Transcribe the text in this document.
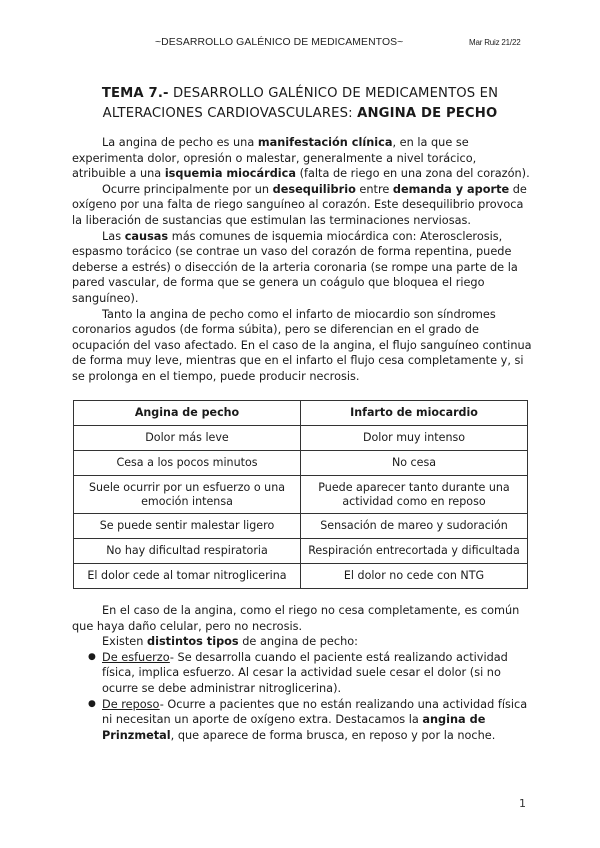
~DESARROLLO GALÉNICO DE MEDICAMENTOS~	Mar Ruiz 21/22
TEMA 7.- DESARROLLO GALÉNICO DE MEDICAMENTOS EN
ALTERACIONES CARDIOVASCULARES: ANGINA DE PECHO

La angina de pecho es una manifestación clínica, en la que se experimenta dolor, opresión o malestar, generalmente a nivel torácico, atribuible a una isquemia miocárdica (falta de riego en una zona del corazón).

Ocurre principalmente por un desequilibrio entre demanda y aporte de oxígeno por una falta de riego sanguíneo al corazón. Este desequilibrio provoca la liberación de sustancias que estimulan las terminaciones nerviosas.

Las causas más comunes de isquemia miocárdica con: Aterosclerosis, espasmo torácico (se contrae un vaso del corazón de forma repentina, puede deberse a estrés) o disección de la arteria coronaria (se rompe una parte de la pared vascular, de forma que se genera un coágulo que bloquea el riego sanguíneo).

Tanto la angina de pecho como el infarto de miocardio son síndromes coronarios agudos (de forma súbita), pero se diferencian en el grado de ocupación del vaso afectado. En el caso de la angina, el flujo sanguíneo continua de forma muy leve, mientras que en el infarto el flujo cesa completamente y, si se prolonga en el tiempo, puede producir necrosis.

Angina de pecho	Infarto de miocardio
Dolor más leve	Dolor muy intenso
Cesa a los pocos minutos	No cesa
Suele ocurrir por un esfuerzo o una emoción intensa	Puede aparecer tanto durante una actividad como en reposo
Se puede sentir malestar ligero	Sensación de mareo y sudoración
No hay dificultad respiratoria	Respiración entrecortada y dificultada
El dolor cede al tomar nitroglicerina	El dolor no cede con NTG

En el caso de la angina, como el riego no cesa completamente, es común que haya daño celular, pero no necrosis.

Existen distintos tipos de angina de pecho:

● De esfuerzo- Se desarrolla cuando el paciente está realizando actividad física, implica esfuerzo. Al cesar la actividad suele cesar el dolor (si no ocurre se debe administrar nitroglicerina).
● De reposo- Ocurre a pacientes que no están realizando una actividad física ni necesitan un aporte de oxígeno extra. Destacamos la angina de Prinzmetal, que aparece de forma brusca, en reposo y por la noche.
1
